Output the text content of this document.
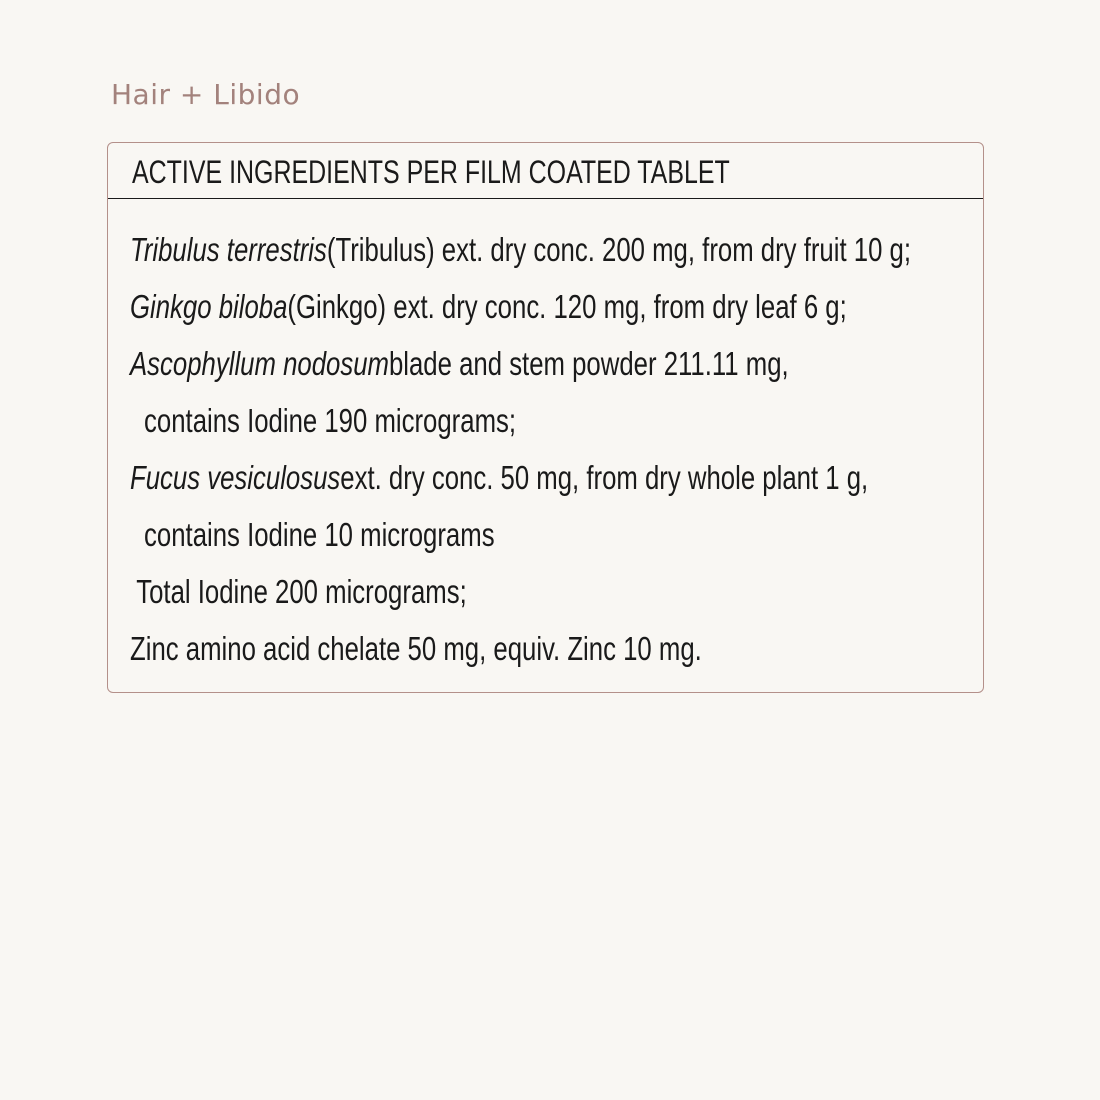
Hair + Libido
ACTIVE INGREDIENTS PER FILM COATED TABLET
Tribulus terrestris (Tribulus) ext. dry conc. 200 mg, from dry fruit 10 g;
Ginkgo biloba (Ginkgo) ext. dry conc. 120 mg, from dry leaf 6 g;
Ascophyllum nodosum blade and stem powder 211.11 mg,
contains Iodine 190 micrograms;
Fucus vesiculosus ext. dry conc. 50 mg, from dry whole plant 1 g,
contains Iodine 10 micrograms
Total Iodine 200 micrograms;
Zinc amino acid chelate 50 mg, equiv. Zinc 10 mg.
